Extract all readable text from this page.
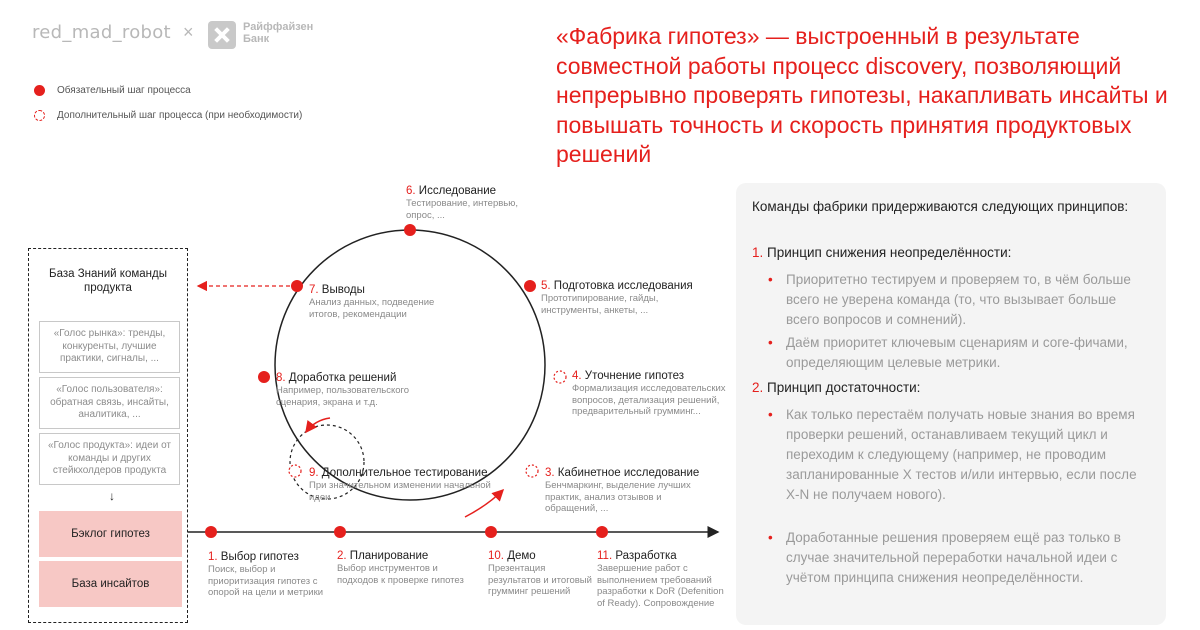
red_mad_robot ×	Райффайзен
Банк
Обязательный шаг процесса
Дополнительный шаг процесса (при необходимости)
«Фабрика гипотез» — выстроенный в результате совместной работы процесс discovery, позволяющий непрерывно проверять гипотезы, накапливать инсайты и повышать точность и скорость принятия продуктовых решений
База Знаний команды продукта
«Голос рынка»: тренды, конкуренты, лучшие практики, сигналы, ...
«Голос пользователя»: обратная связь, инсайты, аналитика, ...
«Голос продукта»: идеи от команды и других стейкхолдеров продукта
↓
Бэклог гипотез
База инсайтов
6. Исследование
Тестирование, интервью, опрос, ...
5. Подготовка исследования
Прототипирование, гайды, инструменты, анкеты, ...
7. Выводы
Анализ данных, подведение итогов, рекомендации
4. Уточнение гипотез
Формализация исследовательских вопросов, детализация решений, предварительный грумминг...
8. Доработка решений
Например, пользовательского сценария, экрана и т.д.
3. Кабинетное исследование
Бенчмаркинг, выделение лучших практик, анализ отзывов и обращений, ...
9. Дополнительное тестирование
При значительном изменении начальной идеи
1. Выбор гипотез
Поиск, выбор и приоритизация гипотез с опорой на цели и метрики
2. Планирование
Выбор инструментов и подходов к проверке гипотез
10. Демо
Презентация результатов и итоговый грумминг решений
11. Разработка
Завершение работ с выполнением требований разработки к DoR (Defenition of Ready). Сопровождение
Команды фабрики придерживаются следующих принципов:
1. Принцип снижения неопределённости:
• Приоритетно тестируем и проверяем то, в чём больше всего не уверена команда (то, что вызывает больше всего вопросов и сомнений).
• Даём приоритет ключевым сценариям и соге-фичами, определяющим целевые метрики.
2. Принцип достаточности:
• Как только перестаём получать новые знания во время проверки решений, останавливаем текущий цикл и переходим к следующему (например, не проводим запланированные X тестов и/или интервью, если после X-N не получаем нового).
• Доработанные решения проверяем ещё раз только в случае значительной переработки начальной идеи с учётом принципа снижения неопределённости.
